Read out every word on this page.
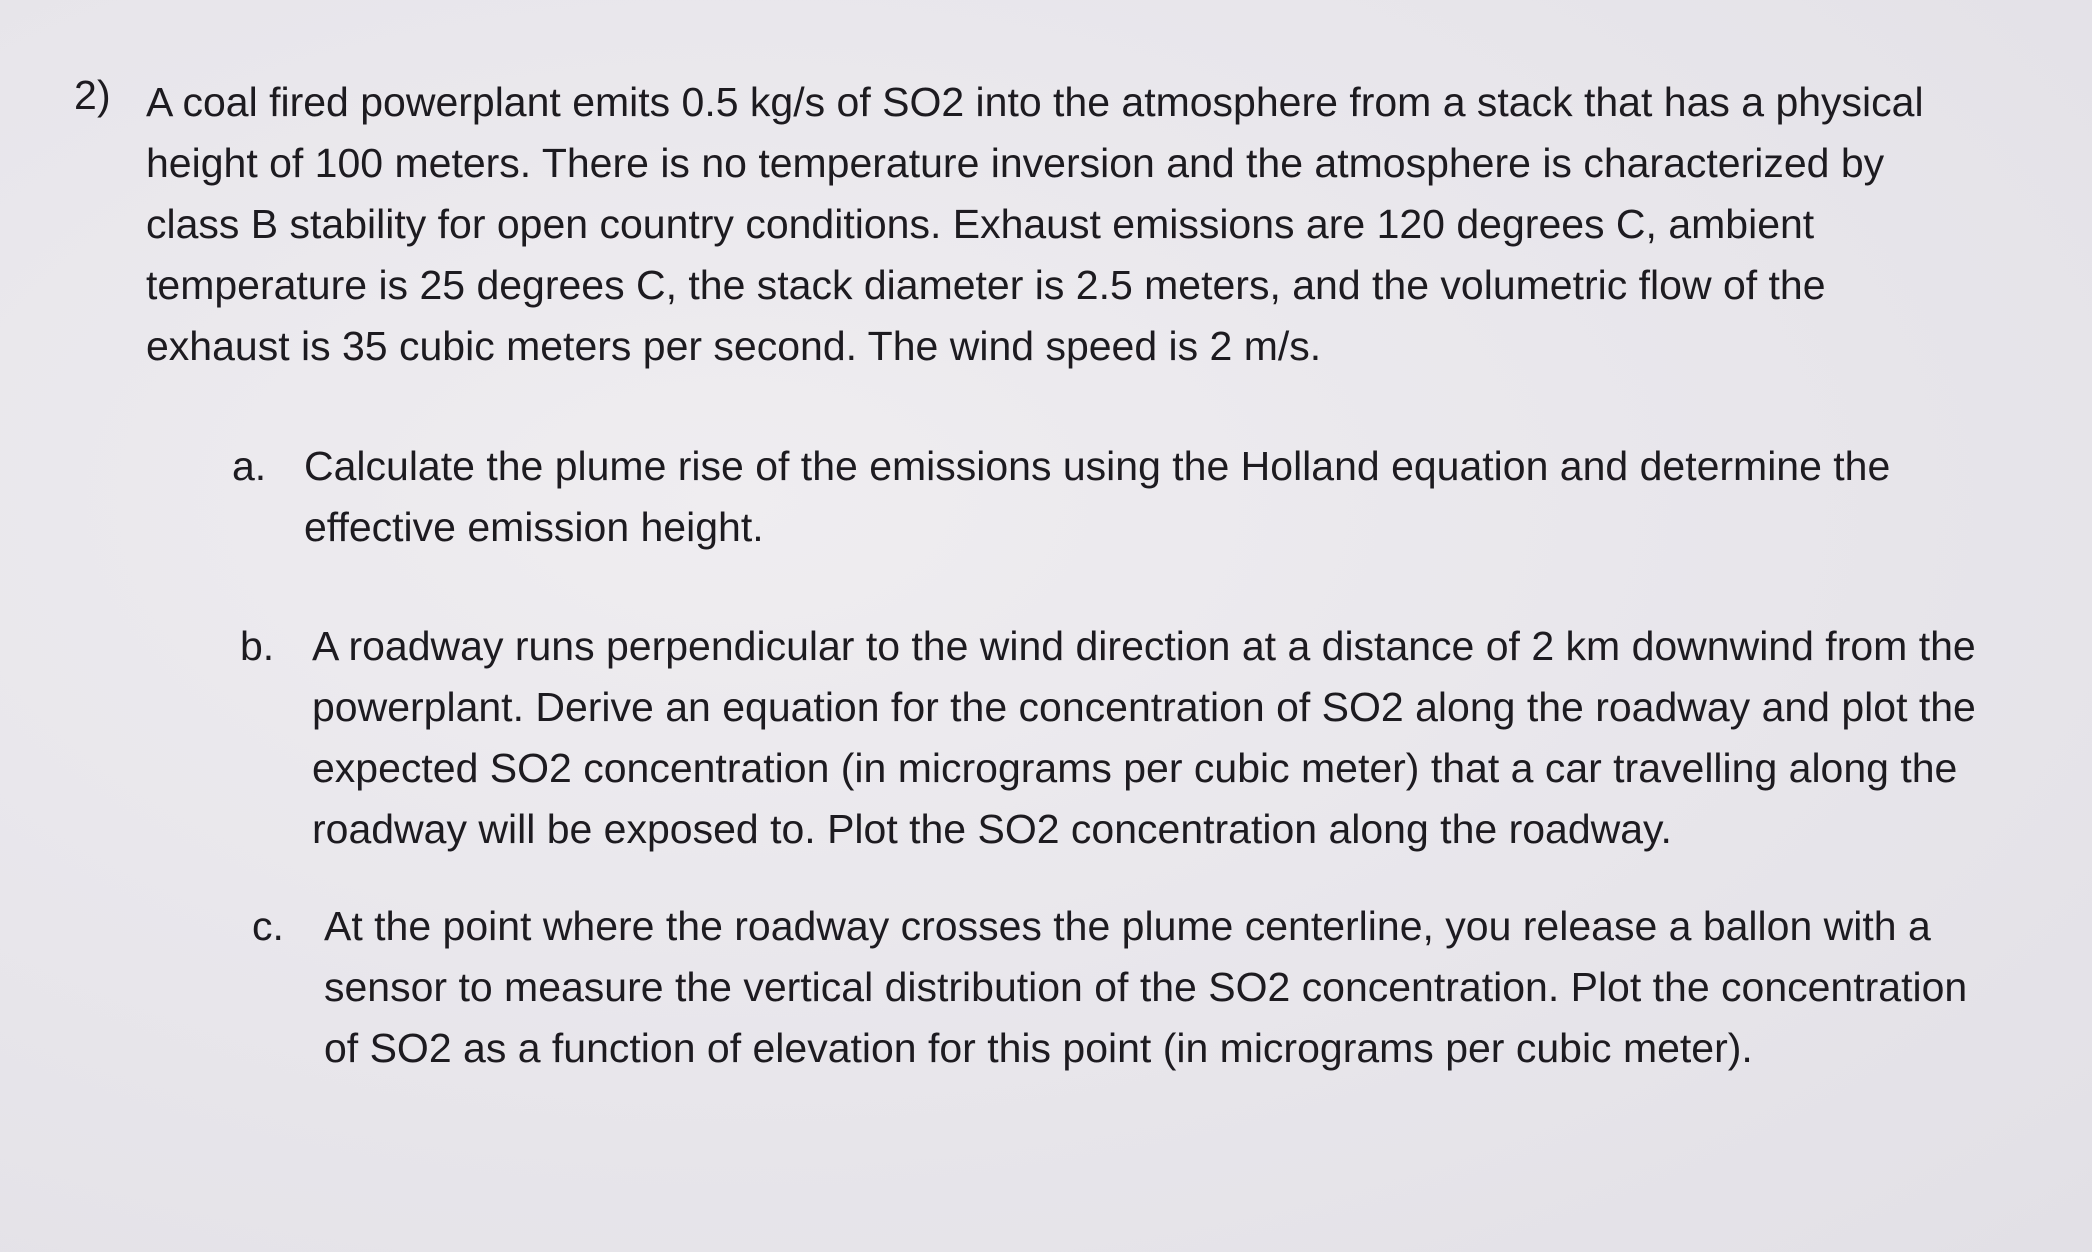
2) A coal fired powerplant emits 0.5 kg/s of SO2 into the atmosphere from a stack that has a physical
height of 100 meters. There is no temperature inversion and the atmosphere is characterized by
class B stability for open country conditions. Exhaust emissions are 120 degrees C, ambient
temperature is 25 degrees C, the stack diameter is 2.5 meters, and the volumetric flow of the
exhaust is 35 cubic meters per second. The wind speed is 2 m/s.
a. Calculate the plume rise of the emissions using the Holland equation and determine the
effective emission height.
b. A roadway runs perpendicular to the wind direction at a distance of 2 km downwind from the
powerplant. Derive an equation for the concentration of SO2 along the roadway and plot the
expected SO2 concentration (in micrograms per cubic meter) that a car travelling along the
roadway will be exposed to. Plot the SO2 concentration along the roadway.
c. At the point where the roadway crosses the plume centerline, you release a ballon with a
sensor to measure the vertical distribution of the SO2 concentration. Plot the concentration
of SO2 as a function of elevation for this point (in micrograms per cubic meter).
